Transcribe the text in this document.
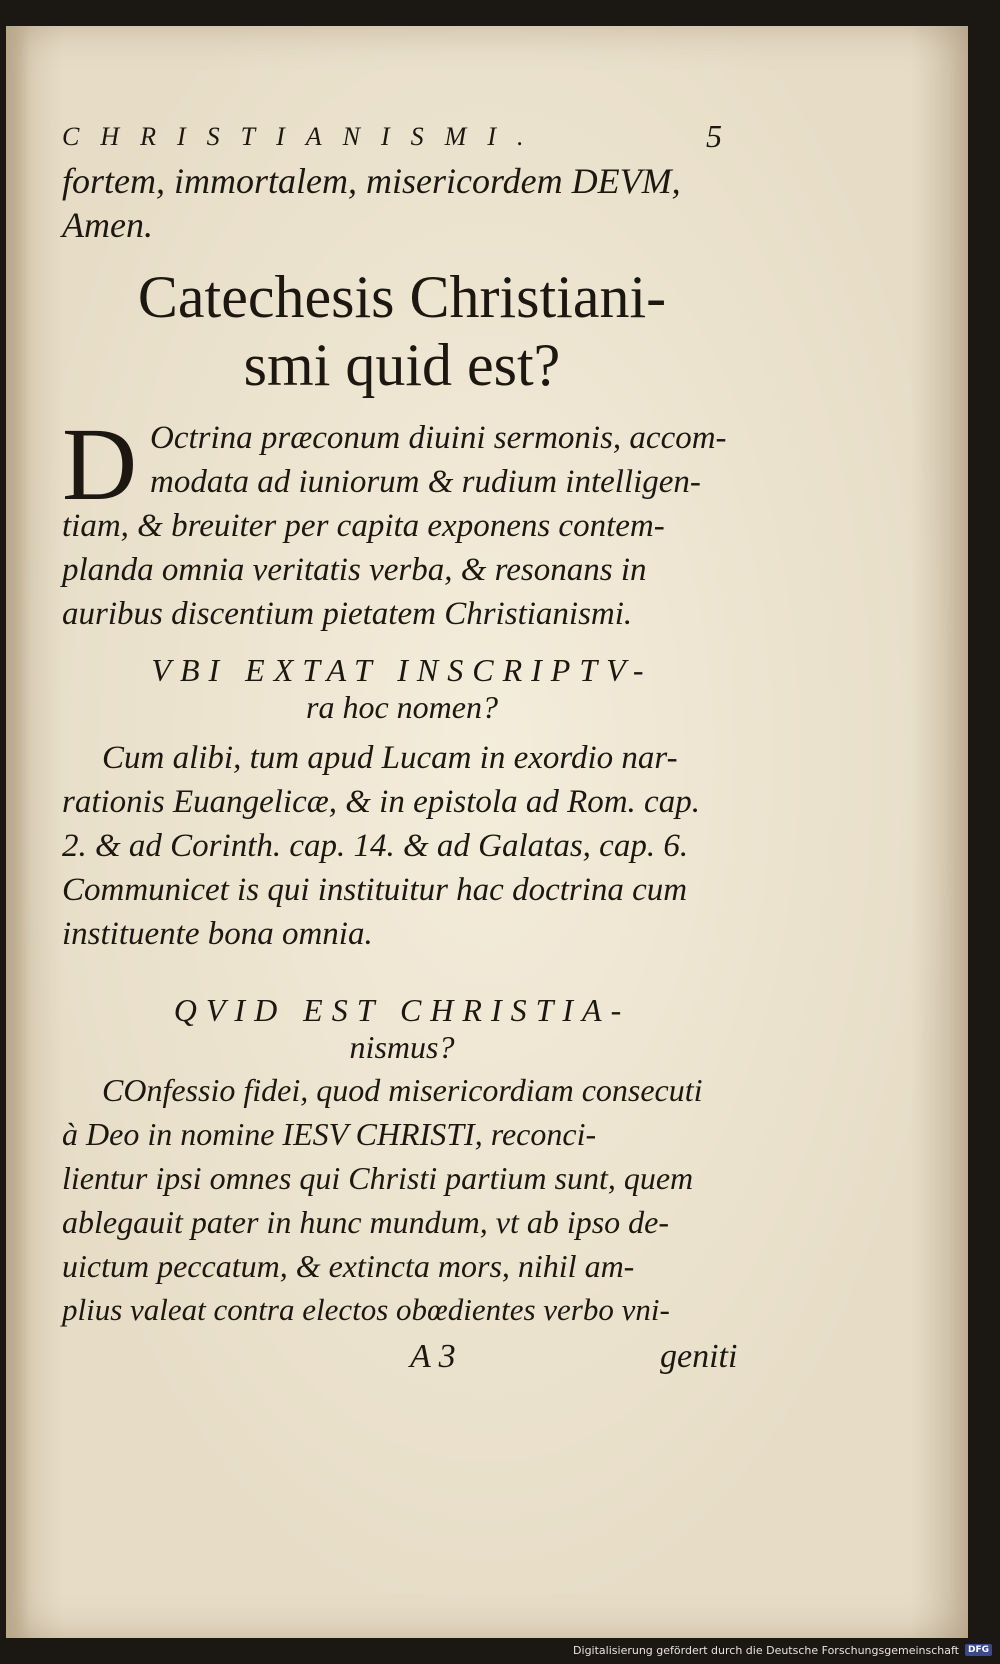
CHRISTIANISMI.	5
fortem, immortalem, misericordem DEVM,
Amen.
Catechesis Christiani-
smi quid est?
D Octrina præconum diuini sermonis, accom-
modata ad iuniorum & rudium intelligen-
tiam, & breuiter per capita exponens contem-
planda omnia veritatis verba, & resonans in
auribus discentium pietatem Christianismi.
VBI EXTAT INSCRIPTV-
ra hoc nomen?
Cum alibi, tum apud Lucam in exordio nar-
rationis Euangelicæ, & in epistola ad Rom. cap.
2. & ad Corinth. cap. 14. & ad Galatas, cap. 6.
Communicet is qui instituitur hac doctrina cum
instituente bona omnia.
QVID EST CHRISTIA-
nismus?
COnfessio fidei, quod misericordiam consecuti
à Deo in nomine IESV CHRISTI, reconci-
lientur ipsi omnes qui Christi partium sunt, quem
ablegauit pater in hunc mundum, vt ab ipso de-
uictum peccatum, & extincta mors, nihil am-
plius valeat contra electos obœdientes verbo vni-
A 3	geniti
Digitalisierung gefördert durch die Deutsche Forschungsgemeinschaft	DFG
